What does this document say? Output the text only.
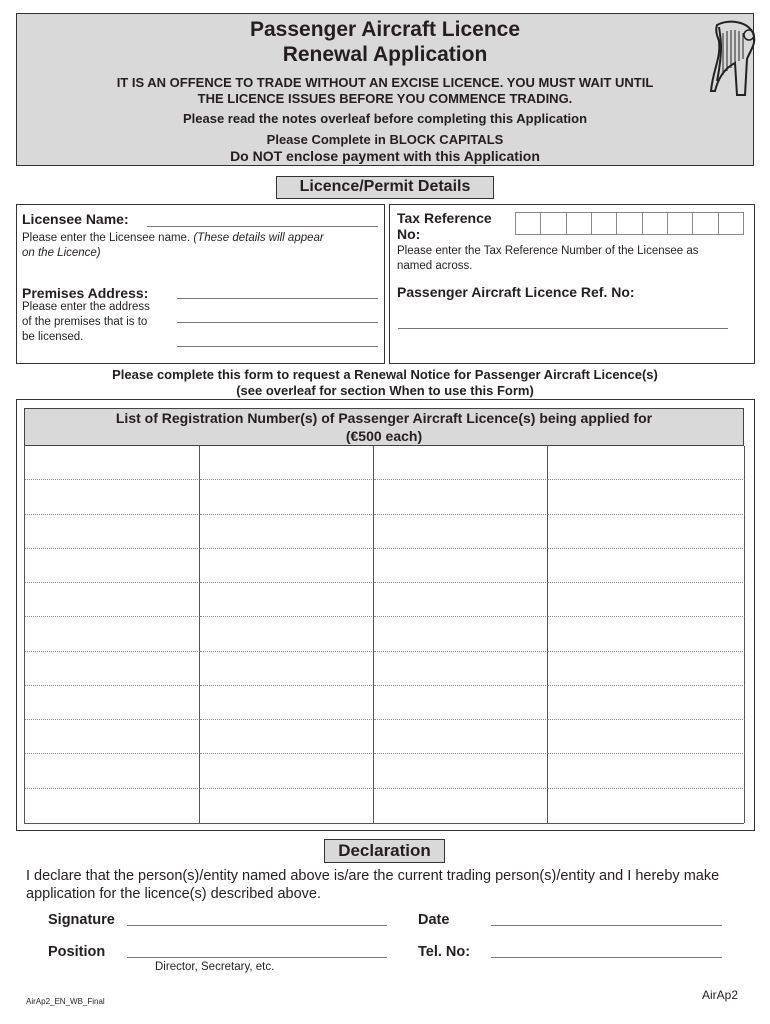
Passenger Aircraft Licence
Renewal Application
IT IS AN OFFENCE TO TRADE WITHOUT AN EXCISE LICENCE. YOU MUST WAIT UNTIL
THE LICENCE ISSUES BEFORE YOU COMMENCE TRADING.
Please read the notes overleaf before completing this Application
Please Complete in BLOCK CAPITALS
Do NOT enclose payment with this Application
Licence/Permit Details
Licensee Name:
Please enter the Licensee name. (These details will appear
on the Licence)
Premises Address:
Please enter the address
of the premises that is to
be licensed.
Tax Reference
No:
Please enter the Tax Reference Number of the Licensee as
named across.
Passenger Aircraft Licence Ref. No:
Please complete this form to request a Renewal Notice for Passenger Aircraft Licence(s)
(see overleaf for section When to use this Form)
List of Registration Number(s) of Passenger Aircraft Licence(s) being applied for
(€500 each)
Declaration
I declare that the person(s)/entity named above is/are the current trading person(s)/entity and I hereby make application for the licence(s) described above.
Signature	Date
Position
Director, Secretary, etc.
Tel. No:
AirAp2_EN_WB_Final	AirAp2
